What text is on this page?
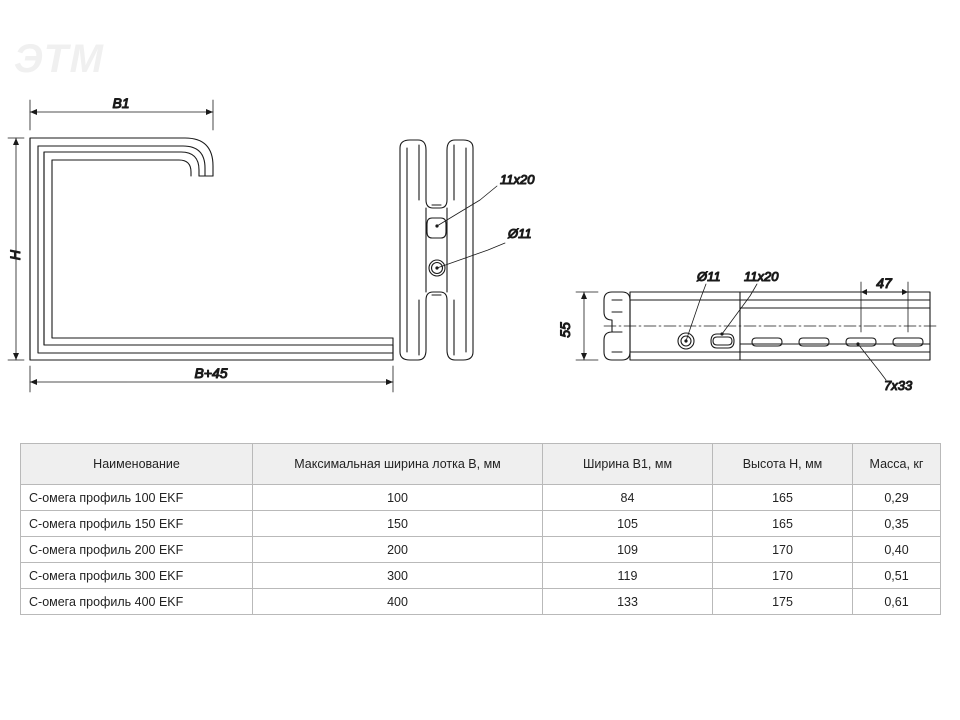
ЭТМ
B1
H
B+45
11x20
Ø11
55
47
Ø11 11x20
7x33
Наименование	Максимальная ширина лотка B, мм	Ширина B1, мм	Высота H, мм	Масса, кг
С-омега профиль 100 EKF	100	84	165	0,29
С-омега профиль 150 EKF	150	105	165	0,35
С-омега профиль 200 EKF	200	109	170	0,40
С-омега профиль 300 EKF	300	119	170	0,51
С-омега профиль 400 EKF	400	133	175	0,61
